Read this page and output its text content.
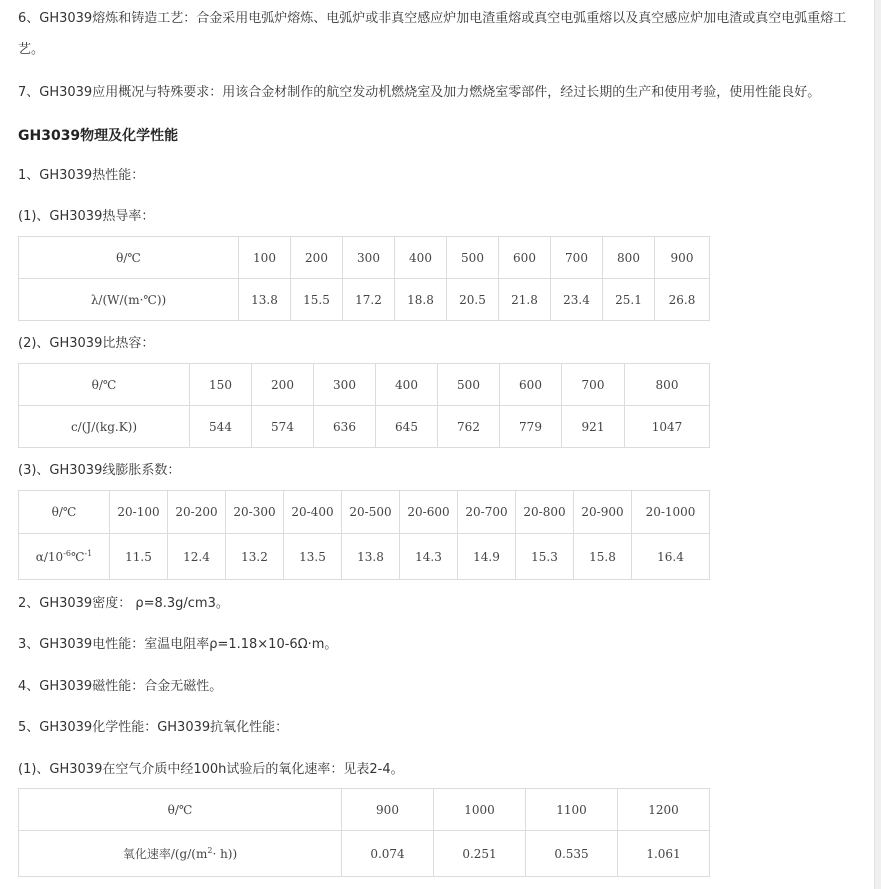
6、GH3039熔炼和铸造工艺：合金采用电弧炉熔炼、电弧炉或非真空感应炉加电渣重熔或真空电弧重熔以及真空感应炉加电渣或真空电弧重熔工
艺。
7、GH3039应用概况与特殊要求：用该合金材制作的航空发动机燃烧室及加力燃烧室零部件，经过长期的生产和使用考验，使用性能良好。
GH3039物理及化学性能
1、GH3039热性能：
(1)、GH3039热导率：
θ/℃	100	200	300	400	500	600	700	800	900
λ/(W/(m·℃))	13.8	15.5	17.2	18.8	20.5	21.8	23.4	25.1	26.8
(2)、GH3039比热容：
θ/℃	150	200	300	400	500	600	700	800
c/(J/(kg.K))	544	574	636	645	762	779	921	1047
(3)、GH3039线膨胀系数：
θ/℃	20-100	20-200	20-300	20-400	20-500	20-600	20-700	20-800	20-900	20-1000
$\alpha/10^{-6}℃^{-1}$	11.5	12.4	13.2	13.5	13.8	14.3	14.9	15.3	15.8	16.4
2、GH3039密度： ρ=8.3g/cm3。
3、GH3039电性能：室温电阻率ρ=1.18×10-6Ω·m。
4、GH3039磁性能：合金无磁性。
5、GH3039化学性能：GH3039抗氧化性能：
(1)、GH3039在空气介质中经100h试验后的氧化速率：见表2-4。
θ/℃	900	1000	1100	1200
氧化速率$/(g/(m^2\cdot h))$	0.074	0.251	0.535	1.061
